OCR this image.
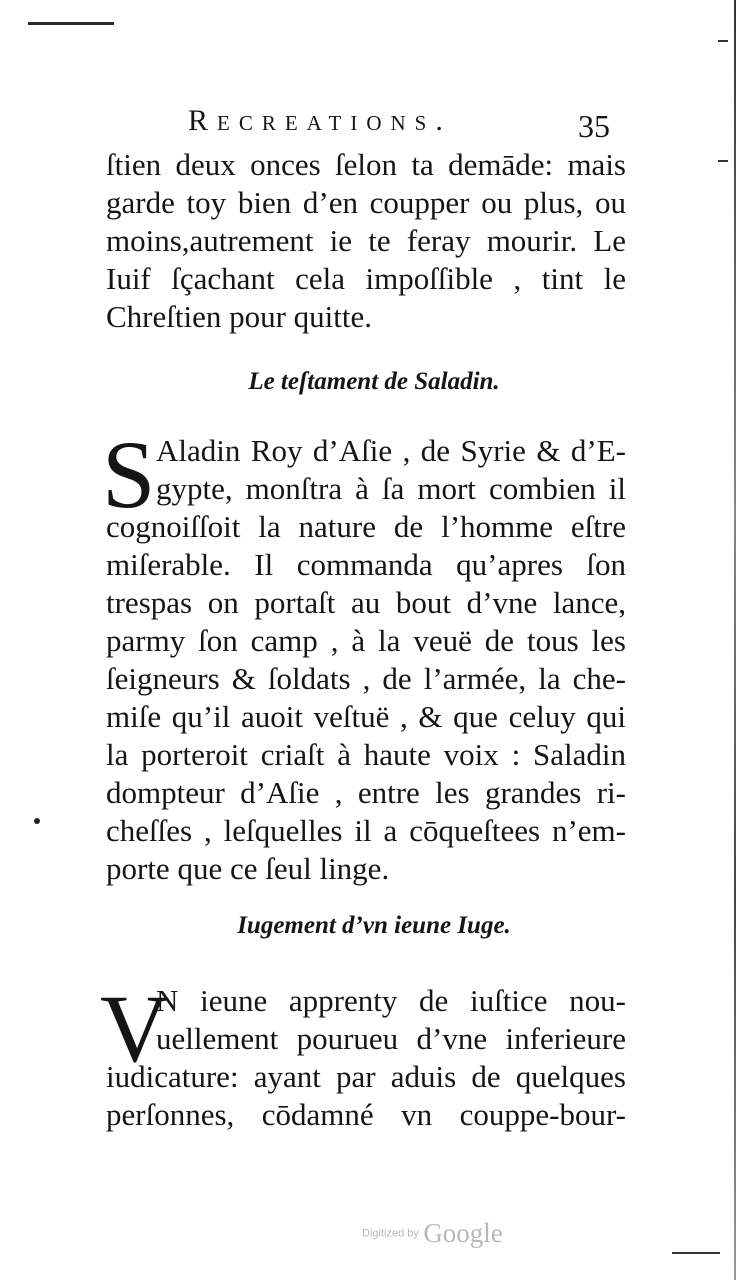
Recreations.	35
ſtien deux onces ſelon ta demāde: mais
garde toy bien d’en coupper ou plus, ou
moins,autrement ie te feray mourir. Le
Iuif ſçachant cela impoſſible , tint le
Chreſtien pour quitte.
Le teſtament de Saladin.
S Aladin Roy d’Aſie , de Syrie & d’E-
gypte, monſtra à ſa mort combien il
cognoiſſoit la nature de l’homme eſtre
miſerable. Il commanda qu’apres ſon
trespas on portaſt au bout d’vne lance,
parmy ſon camp , à la veuë de tous les
ſeigneurs & ſoldats , de l’armée, la che-
miſe qu’il auoit veſtuë , & que celuy qui
la porteroit criaſt à haute voix : Saladin
dompteur d’Aſie , entre les grandes ri-
cheſſes , leſquelles il a cōqueſtees n’em-
porte que ce ſeul linge.
Iugement d’vn ieune Iuge.
V
N ieune apprenty de iuſtice nou-
uellement pourueu d’vne inferieure
iudicature: ayant par aduis de quelques
perſonnes, cōdamné vn couppe-bour-
Digitized by Google
